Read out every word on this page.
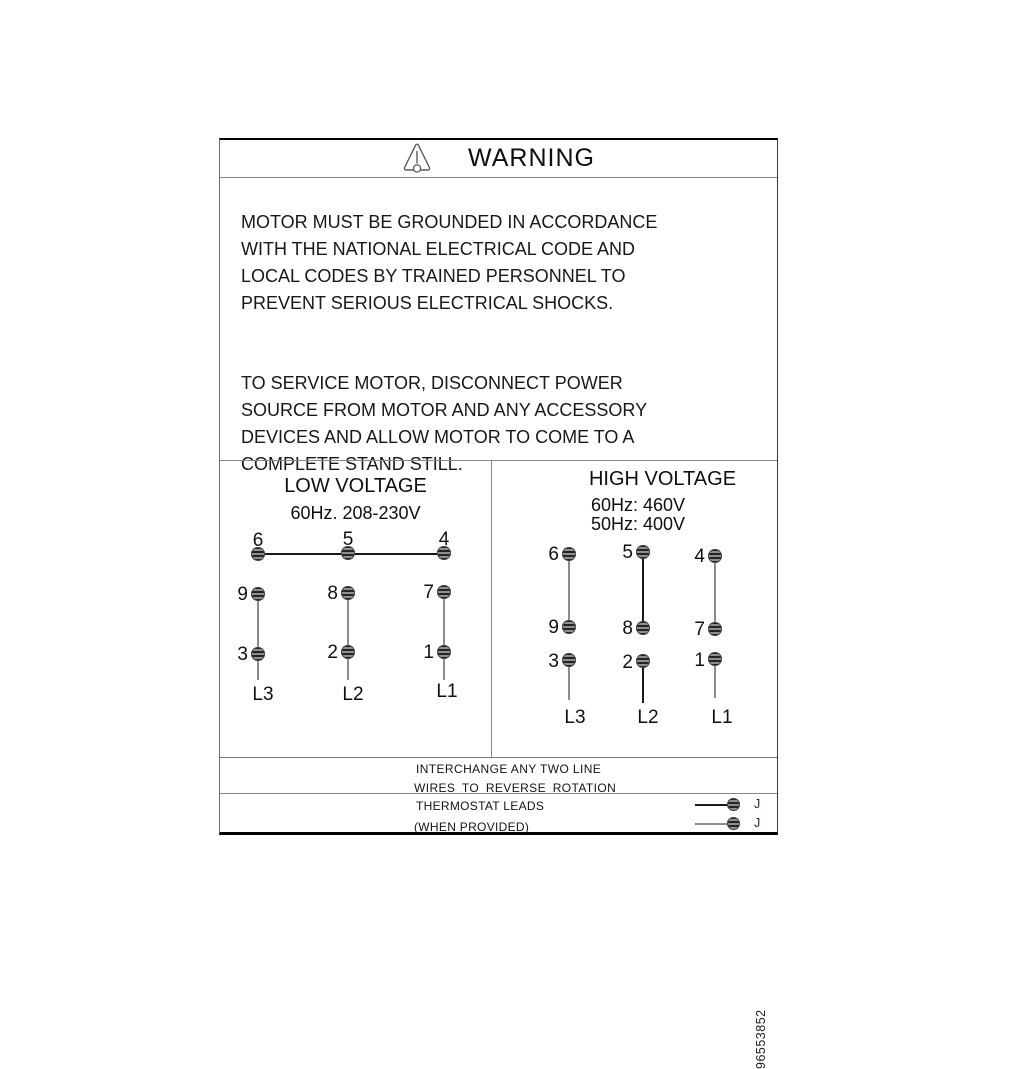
WARNING
MOTOR MUST BE GROUNDED IN ACCORDANCE
WITH THE NATIONAL ELECTRICAL CODE AND
LOCAL CODES BY TRAINED PERSONNEL TO
PREVENT SERIOUS ELECTRICAL SHOCKS.
TO SERVICE MOTOR, DISCONNECT POWER
SOURCE FROM MOTOR AND ANY ACCESSORY
DEVICES AND ALLOW MOTOR TO COME TO A
COMPLETE STAND STILL.
LOW VOLTAGE
60Hz. 208-230V
6	5	4
9	8	7
3	2	1
L3	L2	L1
HIGH VOLTAGE
60Hz: 460V
50Hz: 400V
6	5	4
9	8	7
3	2	1
L3	L2	L1
96553852
INTERCHANGE ANY TWO LINE
WIRES TO REVERSE ROTATION
THERMOSTAT LEADS
(WHEN PROVIDED)
J
J
